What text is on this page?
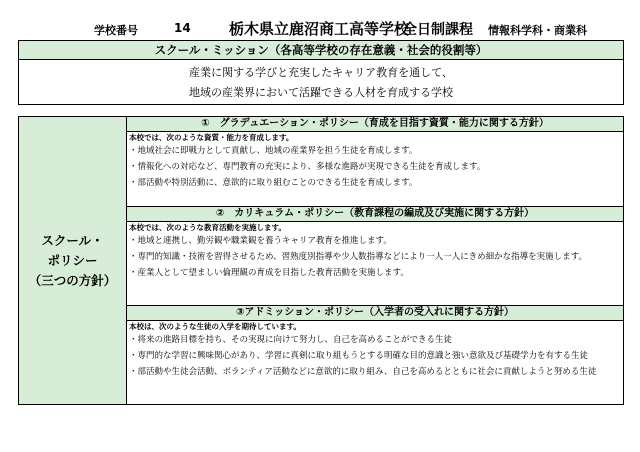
学校番号	14	栃木県立鹿沼商工高等学校
全日制課程 情報科学科・商業科
スクール・ミッション（各高等学校の存在意義・社会的役割等）
産業に関する学びと充実したキャリア教育を通して、
地域の産業界において活躍できる人材を育成する学校
スクール・
ポリシー
（三つの方針）
①　グラデュエーション・ポリシー（育成を目指す資質・能力に関する方針）
本校では、次のような資質・能力を育成します。
・地域社会に即戦力として貢献し、地域の産業界を担う生徒を育成します。
・情報化への対応など、専門教育の充実により、多様な進路が実現できる生徒を育成します。
・部活動や特別活動に、意欲的に取り組むことのできる生徒を育成します。
②　カリキュラム・ポリシー（教育課程の編成及び実施に関する方針）
本校では、次のような教育活動を実施します。
・地域と連携し、勤労観や職業観を養うキャリア教育を推進します。
・専門的知識・技術を習得させるため、習熟度別指導や少人数指導などにより一人一人にきめ細かな指導を実施します。
・産業人として望ましい倫理観の育成を目指した教育活動を実施します。
③アドミッション・ポリシー（入学者の受入れに関する方針）
本校は、次のような生徒の入学を期待しています。
・将来の進路目標を持ち、その実現に向けて努力し、自己を高めることができる生徒
・専門的な学習に興味関心があり、学習に真剣に取り組もうとする明確な目的意識と強い意欲及び基礎学力を有する生徒
・部活動や生徒会活動、ボランティア活動などに意欲的に取り組み、自己を高めるとともに社会に貢献しようと努める生徒
